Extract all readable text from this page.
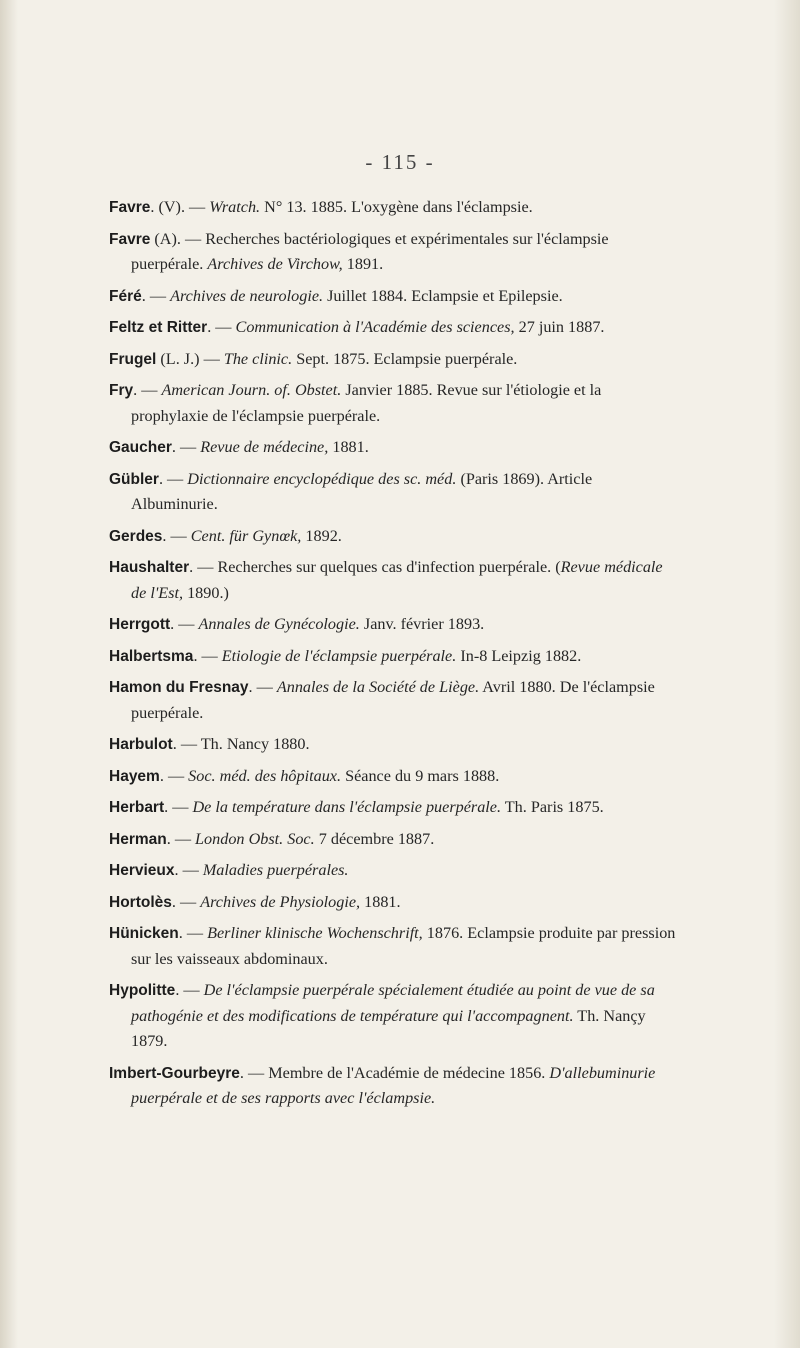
- 115 -

Favre. (V). — Wratch. N° 13. 1885. L'oxygène dans l'éclampsie.

Favre (A). — Recherches bactériologiques et expérimentales sur l'éclampsie puerpérale. Archives de Virchow, 1891.

Féré. — Archives de neurologie. Juillet 1884. Eclampsie et Epilepsie.

Feltz et Ritter. — Communication à l'Académie des sciences, 27 juin 1887.

Frugel (L. J.) — The clinic. Sept. 1875. Eclampsie puerpérale.

Fry. — American Journ. of. Obstet. Janvier 1885. Revue sur l'étiologie et la prophylaxie de l'éclampsie puerpérale.

Gaucher. — Revue de médecine, 1881.

Gübler. — Dictionnaire encyclopédique des sc. méd. (Paris 1869). Article Albuminurie.

Gerdes. — Cent. für Gynœk, 1892.

Haushalter. — Recherches sur quelques cas d'infection puerpérale. (Revue médicale de l'Est, 1890.)

Herrgott. — Annales de Gynécologie. Janv. février 1893.

Halbertsma. — Etiologie de l'éclampsie puerpérale. In-8 Leipzig 1882.

Hamon du Fresnay. — Annales de la Société de Liège. Avril 1880. De l'éclampsie puerpérale.

Harbulot. — Th. Nancy 1880.

Hayem. — Soc. méd. des hôpitaux. Séance du 9 mars 1888.

Herbart. — De la température dans l'éclampsie puerpérale. Th. Paris 1875.

Herman. — London Obst. Soc. 7 décembre 1887.

Hervieux. — Maladies puerpérales.

Hortolès. — Archives de Physiologie, 1881.

Hünicken. — Berliner klinische Wochenschrift, 1876. Eclampsie produite par pression sur les vaisseaux abdominaux.

Hypolitte. — De l'éclampsie puerpérale spécialement étudiée au point de vue de sa pathogénie et des modifications de température qui l'accompagnent. Th. Nançy 1879.

Imbert-Gourbeyre. — Membre de l'Académie de médecine 1856. D'allebuminurie puerpérale et de ses rapports avec l'éclampsie.
